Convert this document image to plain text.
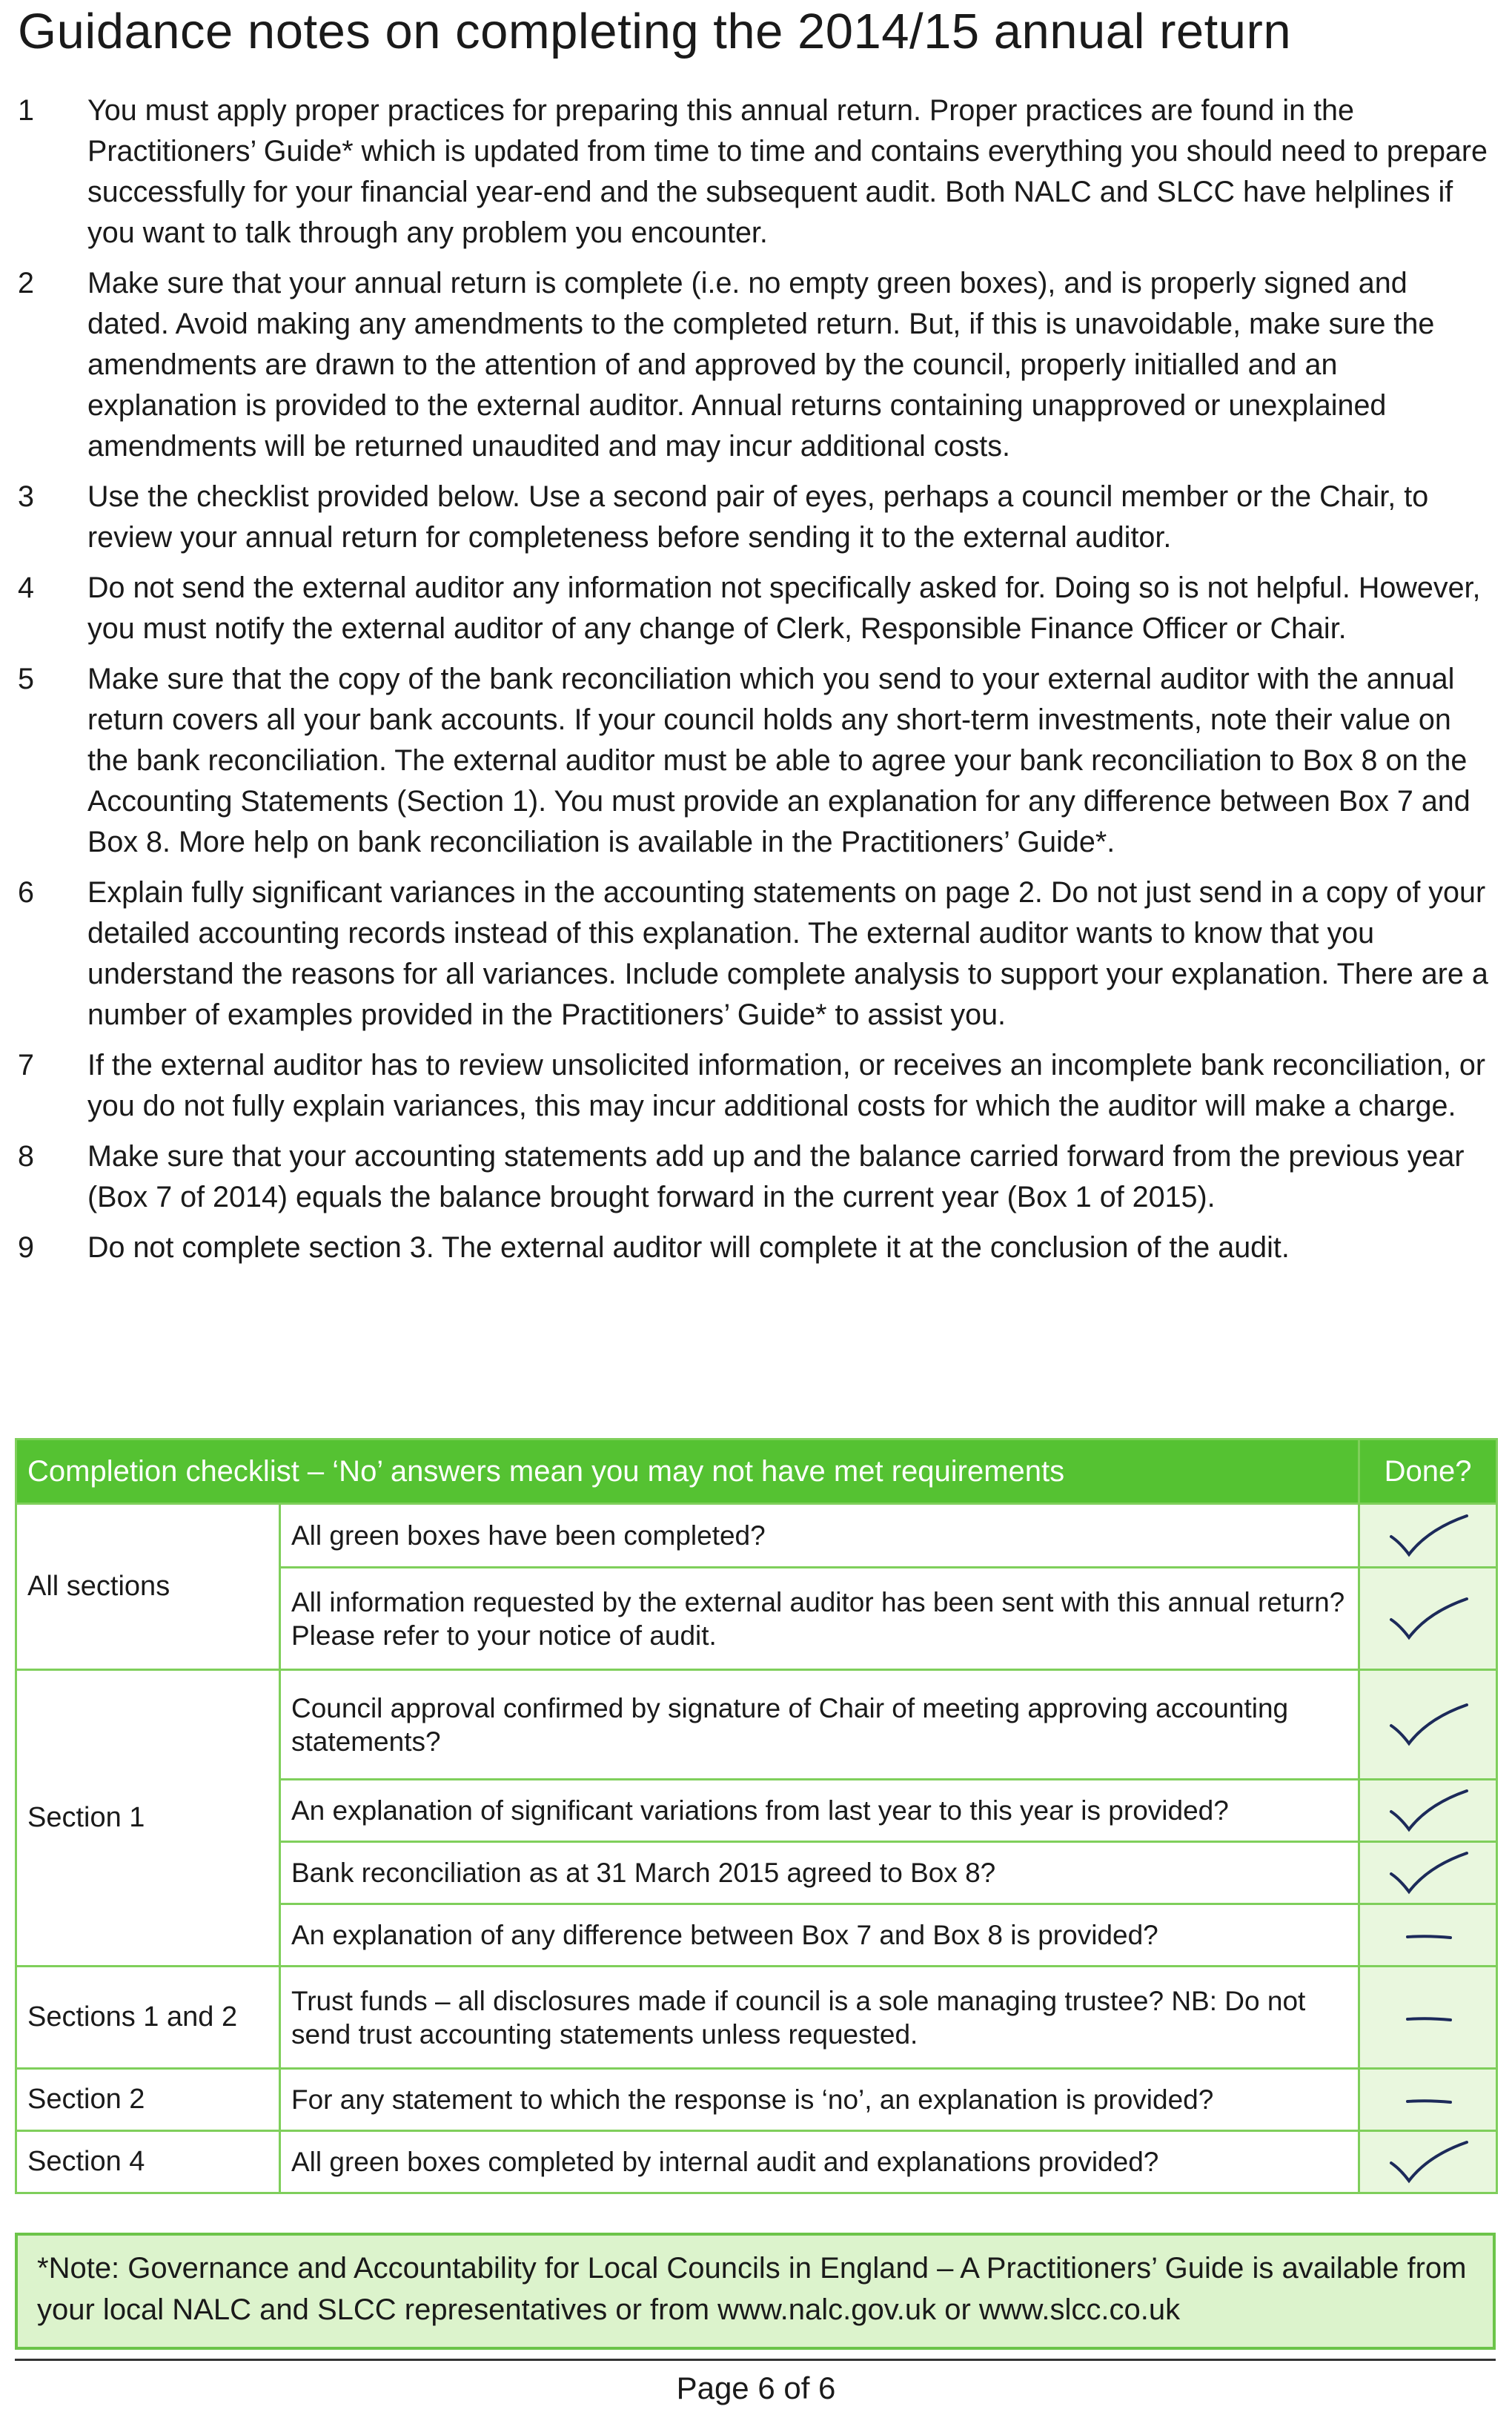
Guidance notes on completing the 2014/15 annual return
1	You must apply proper practices for preparing this annual return. Proper practices are found in the Practitioners’ Guide* which is updated from time to time and contains everything you should need to prepare successfully for your financial year-end and the subsequent audit. Both NALC and SLCC have helplines if you want to talk through any problem you encounter.
2	Make sure that your annual return is complete (i.e. no empty green boxes), and is properly signed and dated. Avoid making any amendments to the completed return. But, if this is unavoidable, make sure the amendments are drawn to the attention of and approved by the council, properly initialled and an explanation is provided to the external auditor. Annual returns containing unapproved or unexplained amendments will be returned unaudited and may incur additional costs.
3	Use the checklist provided below. Use a second pair of eyes, perhaps a council member or the Chair, to review your annual return for completeness before sending it to the external auditor.
4	Do not send the external auditor any information not specifically asked for. Doing so is not helpful. However, you must notify the external auditor of any change of Clerk, Responsible Finance Officer or Chair.
5	Make sure that the copy of the bank reconciliation which you send to your external auditor with the annual return covers all your bank accounts. If your council holds any short-term investments, note their value on the bank reconciliation. The external auditor must be able to agree your bank reconciliation to Box 8 on the Accounting Statements (Section 1). You must provide an explanation for any difference between Box 7 and Box 8. More help on bank reconciliation is available in the Practitioners’ Guide*.
6	Explain fully significant variances in the accounting statements on page 2. Do not just send in a copy of your detailed accounting records instead of this explanation. The external auditor wants to know that you understand the reasons for all variances. Include complete analysis to support your explanation. There are a number of examples provided in the Practitioners’ Guide* to assist you.
7	If the external auditor has to review unsolicited information, or receives an incomplete bank reconciliation, or you do not fully explain variances, this may incur additional costs for which the auditor will make a charge.
8	Make sure that your accounting statements add up and the balance carried forward from the previous year (Box 7 of 2014) equals the balance brought forward in the current year (Box 1 of 2015).
9	Do not complete section 3. The external auditor will complete it at the conclusion of the audit.
Completion checklist – ‘No’ answers mean you may not have met requirements		Done?
All sections	All green boxes have been completed?	

	All information requested by the external auditor has been sent with this annual return? Please refer to your notice of audit.	

Section 1	Council approval confirmed by signature of Chair of meeting approving accounting statements?	

	An explanation of significant variations from last year to this year is provided?	

	Bank reconciliation as at 31 March 2015 agreed to Box 8?	

	An explanation of any difference between Box 7 and Box 8 is provided?	

Sections 1 and 2	Trust funds – all disclosures made if council is a sole managing trustee? NB: Do not send trust accounting statements unless requested.	

Section 2	For any statement to which the response is ‘no’, an explanation is provided?	

Section 4	All green boxes completed by internal audit and explanations provided?	
*Note: Governance and Accountability for Local Councils in England – A Practitioners’ Guide is available from your local NALC and SLCC representatives or from www.nalc.gov.uk or www.slcc.co.uk
Page 6 of 6
